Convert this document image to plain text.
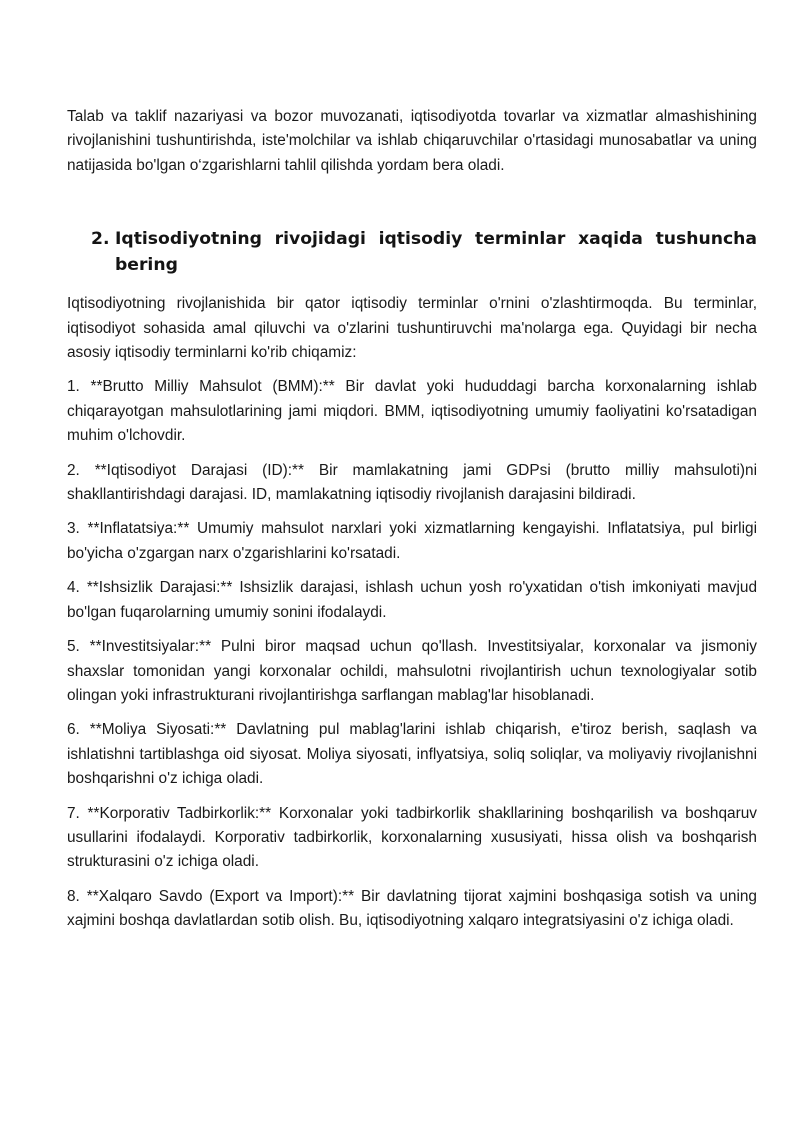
Talab va taklif nazariyasi va bozor muvozanati, iqtisodiyotda tovarlar va xizmatlar almashishining rivojlanishini tushuntirishda, iste'molchilar va ishlab chiqaruvchilar o'rtasidagi munosabatlar va uning natijasida bo'lgan o‘zgarishlarni tahlil qilishda yordam bera oladi.

2. Iqtisodiyotning rivojidagi iqtisodiy terminlar xaqida tushuncha bering

Iqtisodiyotning rivojlanishida bir qator iqtisodiy terminlar o'rnini o'zlashtirmoqda. Bu terminlar, iqtisodiyot sohasida amal qiluvchi va o'zlarini tushuntiruvchi ma'nolarga ega. Quyidagi bir necha asosiy iqtisodiy terminlarni ko'rib chiqamiz:

1. **Brutto Milliy Mahsulot (BMM):** Bir davlat yoki hududdagi barcha korxonalarning ishlab chiqarayotgan mahsulotlarining jami miqdori. BMM, iqtisodiyotning umumiy faoliyatini ko'rsatadigan muhim o'lchovdir.

2. **Iqtisodiyot Darajasi (ID):** Bir mamlakatning jami GDPsi (brutto milliy mahsuloti)ni shakllantirishdagi darajasi. ID, mamlakatning iqtisodiy rivojlanish darajasini bildiradi.

3. **Inflatatsiya:** Umumiy mahsulot narxlari yoki xizmatlarning kengayishi. Inflatatsiya, pul birligi bo'yicha o'zgargan narx o'zgarishlarini ko'rsatadi.

4. **Ishsizlik Darajasi:** Ishsizlik darajasi, ishlash uchun yosh ro'yxatidan o'tish imkoniyati mavjud bo'lgan fuqarolarning umumiy sonini ifodalaydi.

5. **Investitsiyalar:** Pulni biror maqsad uchun qo'llash. Investitsiyalar, korxonalar va jismoniy shaxslar tomonidan yangi korxonalar ochildi, mahsulotni rivojlantirish uchun texnologiyalar sotib olingan yoki infrastrukturani rivojlantirishga sarflangan mablag'lar hisoblanadi.

6. **Moliya Siyosati:** Davlatning pul mablag'larini ishlab chiqarish, e'tiroz berish, saqlash va ishlatishni tartiblashga oid siyosat. Moliya siyosati, inflyatsiya, soliq soliqlar, va moliyaviy rivojlanishni boshqarishni o'z ichiga oladi.

7. **Korporativ Tadbirkorlik:** Korxonalar yoki tadbirkorlik shakllarining boshqarilish va boshqaruv usullarini ifodalaydi. Korporativ tadbirkorlik, korxonalarning xususiyati, hissa olish va boshqarish strukturasini o'z ichiga oladi.

8. **Xalqaro Savdo (Export va Import):** Bir davlatning tijorat xajmini boshqasiga sotish va uning xajmini boshqa davlatlardan sotib olish. Bu, iqtisodiyotning xalqaro integratsiyasini o'z ichiga oladi.
